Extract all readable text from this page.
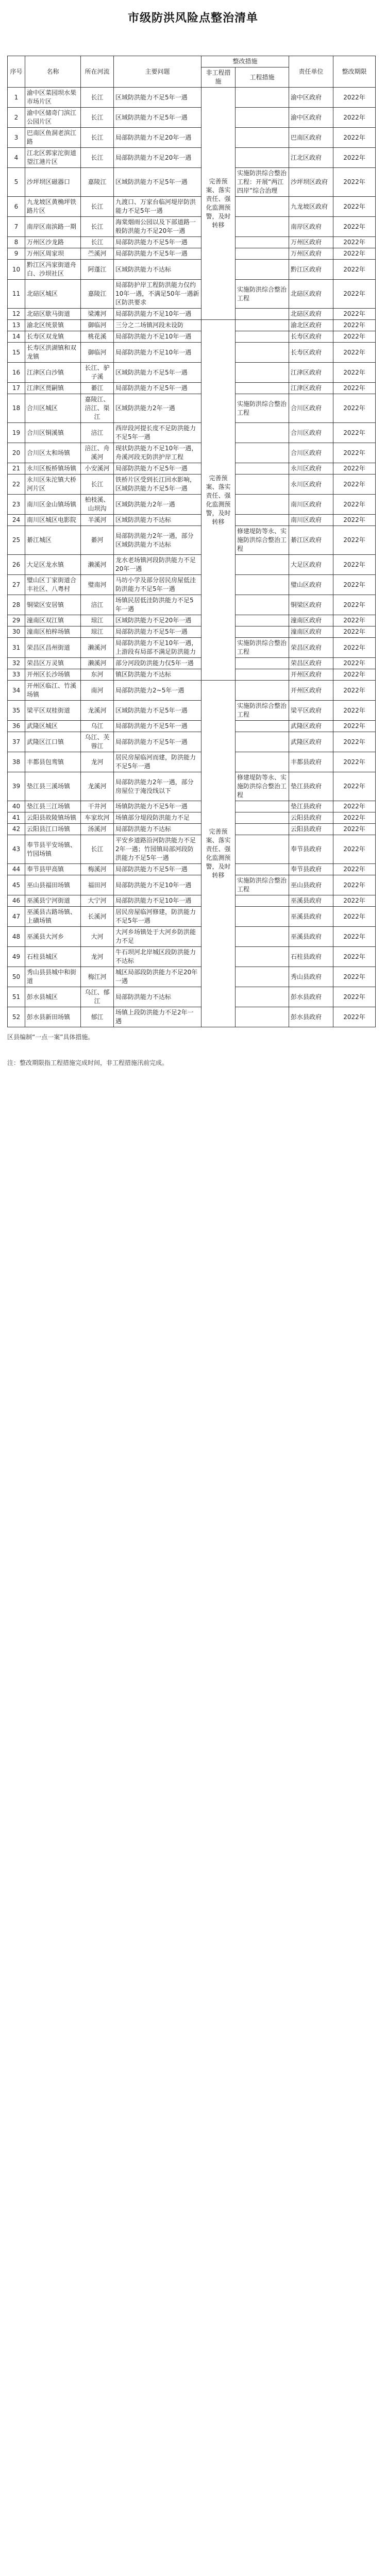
市级防洪风险点整治清单
序号	名称	所在河流	主要问题	整改措施		责任单位	整改期限
				非工程措施	工程措施		
1	渝中区菜园坝水果市场片区	长江	区域防洪能力不足5年一遇	完善预案、落实责任、强化监测预警，及时转移		渝中区政府	2022年
2	渝中区储奇门滨江公园片区	长江	区域防洪能力不足5年一遇			渝中区政府	2022年
3	巴南区鱼洞老滨江路	长江	局部防洪能力不足20年一遇			巴南区政府	2022年
4	江北区郭家沱街道望江港片区	长江	局部防洪能力不足20年一遇			江北区政府	2022年
5	沙坪坝区磁器口	嘉陵江	区域防洪能力不足5年一遇		实施防洪综合整治工程：开展“两江四岸”综合治理	沙坪坝区政府	2022年
6	九龙坡区黄桷坪铁路片区	长江	九渡口、万家台临河堤岸防洪能力不足5年一遇			九龙坡区政府	2022年
7	南岸区南滨路一期	长江	海棠烟雨公园以及下部道路一般防洪能力不足20年一遇			南岸区政府	2022年
8	万州区沙龙路	长江	局部防洪能力不足5年一遇			万州区政府	2022年
9	万州区周家坝	苎溪河	局部防洪能力不足5年一遇			万州区政府	2022年
10	黔江区冯家街道舟白、沙坝社区	阿蓬江	区域防洪能力不达标			黔江区政府	2022年
11	北碚区城区	嘉陵江	局部防护岸工程防洪能力仅约10年一遇，不满足50年一遇新区防洪要求		实施防洪综合整治工程	北碚区政府	2022年
12	北碚区歇马街道	梁滩河	局部防洪能力不足10年一遇			北碚区政府	2022年
13	渝北区统景镇	御临河	三分之二场镇河段未设防	完善预案、落实责任、强化监测预警，及时转移		渝北区政府	2022年
14	长寿区双龙镇	桃花溪	局部防洪能力不足10年一遇			长寿区政府	2022年
15	长寿区洪湖镇和双龙镇	御临河	局部防洪能力不足10年一遇			长寿区政府	2022年
16	江津区白沙镇	长江、驴子溪	区域防洪能力不足5年一遇			江津区政府	2022年
17	江津区贾嗣镇	綦江	局部防洪能力不足5年一遇			江津区政府	2022年
18	合川区城区	嘉陵江、涪江、渠江	区域防洪能力2年一遇		实施防洪综合整治工程	合川区政府	2022年
19	合川区铜溪镇	涪江	西岸段河提长度不足防洪能力不足5年一遇			合川区政府	2022年
20	合川区太和场镇	涪江、舟溪河	现状防洪能力不足10年一遇，舟溪河段无防洪护岸工程			合川区政府	2022年
21	永川区板桥镇场镇	小安溪河	局部防洪能力不足5年一遇			永川区政府	2022年
22	永川区朱沱镇大桥河片区	长江	铁桥片区受到长江回水影响，区域防洪能力不足5年一遇			永川区政府	2022年
23	南川区金山镇场镇	柏枝溪、山坝沟	区域防洪能力2年一遇			南川区政府	2022年
24	南川区城区电影院	半溪河	区域防洪能力不达标			南川区政府	2022年
25	綦江城区	綦河	局部防洪能力2年一遇，部分区域防洪能力不达标		修建堤防等永、实施防洪综合整治工程	綦江区政府	2022年
26	大足区龙水镇	濑溪河	龙水老场镇河段防洪能力不足20年一遇			大足区政府	2022年
27	璧山区丁家街道合丰社区、八粤村	璧南河	马坊小学及部分居民房屋低洼防洪能力不足5年一遇			璧山区政府	2022年
28	铜梁区安居镇	涪江	场镇民居低洼防洪能力不足5年一遇			铜梁区政府	2022年
29	潼南区双江镇	琼江	区域防洪能力不足20年一遇			潼南区政府	2022年
30	潼南区柏梓场镇	琼江	局部防洪能力不足5年一遇			潼南区政府	2022年
31	荣昌区昌州街道	濑溪河	局部防洪能力不足10年一遇，上游段有局部不满足防洪能力		实施防洪综合整治工程	荣昌区政府	2022年
32	荣昌区万灵镇	濑溪河	部分河段防洪能力仅5年一遇			荣昌区政府	2022年
33	开州区长沙场镇	东河	镇区防洪能力不达标			开州区政府	2022年
34	开州区临江、竹溪场镇	南河	局部防洪能力2~5年一遇	完善预案、落实责任、强化监测预警，及时转移		开州区政府	2022年
35	梁平区双桂街道	龙溪河	区域防洪能力不足5年一遇		实施防洪综合整治工程	梁平区政府	2022年
36	武隆区城区	乌江	局部防洪能力不足5年一遇			武隆区政府	2022年
37	武隆区江口镇	乌江、芙蓉江	局部防洪能力不足5年一遇			武隆区政府	2022年
38	丰都县包鸾镇	龙河	居民房屋临河而建，防洪能力不足5年一遇			丰都县政府	2022年
39	垫江县三溪场镇	龙溪河	局部防洪能力2年一遇，部分房屋位于淹没线以下		修建堤防等永、实施防洪综合整治工程	垫江县政府	2022年
40	垫江县三江场镇	干井河	场镇防洪能力不足5年一遇			垫江县政府	2022年
41	云阳县故陵镇场镇	车家坎河	场镇部分堤段防洪能力不足			云阳县政府	2022年
42	云阳县江口场镇	汤溪河	局部防洪能力不达标			云阳县政府	2022年
43	奉节县平安场镇、竹园场镇	长江	平安乡道路沿河防洪能力不足2年一遇；竹园镇局部河段防洪能力不足5年一遇			奉节县政府	2022年
44	奉节县甲高镇	梅溪河	局部防洪能力不足5年一遇			奉节县政府	2022年
45	巫山县福田场镇	福田河	局部防洪能力不足10年一遇		实施防洪综合整治工程	巫山县政府	2022年
46	巫溪县宁河街道	大宁河	局部防洪能力不足10年一遇			巫溪县政府	2022年
47	巫溪县古路场镇、上磺场镇	长溪河	居民房屋临河修建，防洪能力不足5年一遇			巫溪县政府	2022年
48	巫溪县大河乡	大河	大河乡场镇处于大河乡防洪能力不足			巫溪县政府	2022年
49	石柱县城区	龙河	牛石坝河北岸城区段防洪能力不达标			石柱县政府	2022年
50	秀山县县城中和街道	梅江河	城区局部段防洪能力不足20年一遇			秀山县政府	2022年
51	彭水县城区	乌江、郁江	局部防洪能力不达标			彭水县政府	2022年
52	彭水县新田场镇	郁江	场镇上段防洪能力不足2年一遇			彭水县政府	2022年
区县编制“一点一案”具体措施。
注：整改期限指工程措施完成时间，非工程措施汛前完成。
